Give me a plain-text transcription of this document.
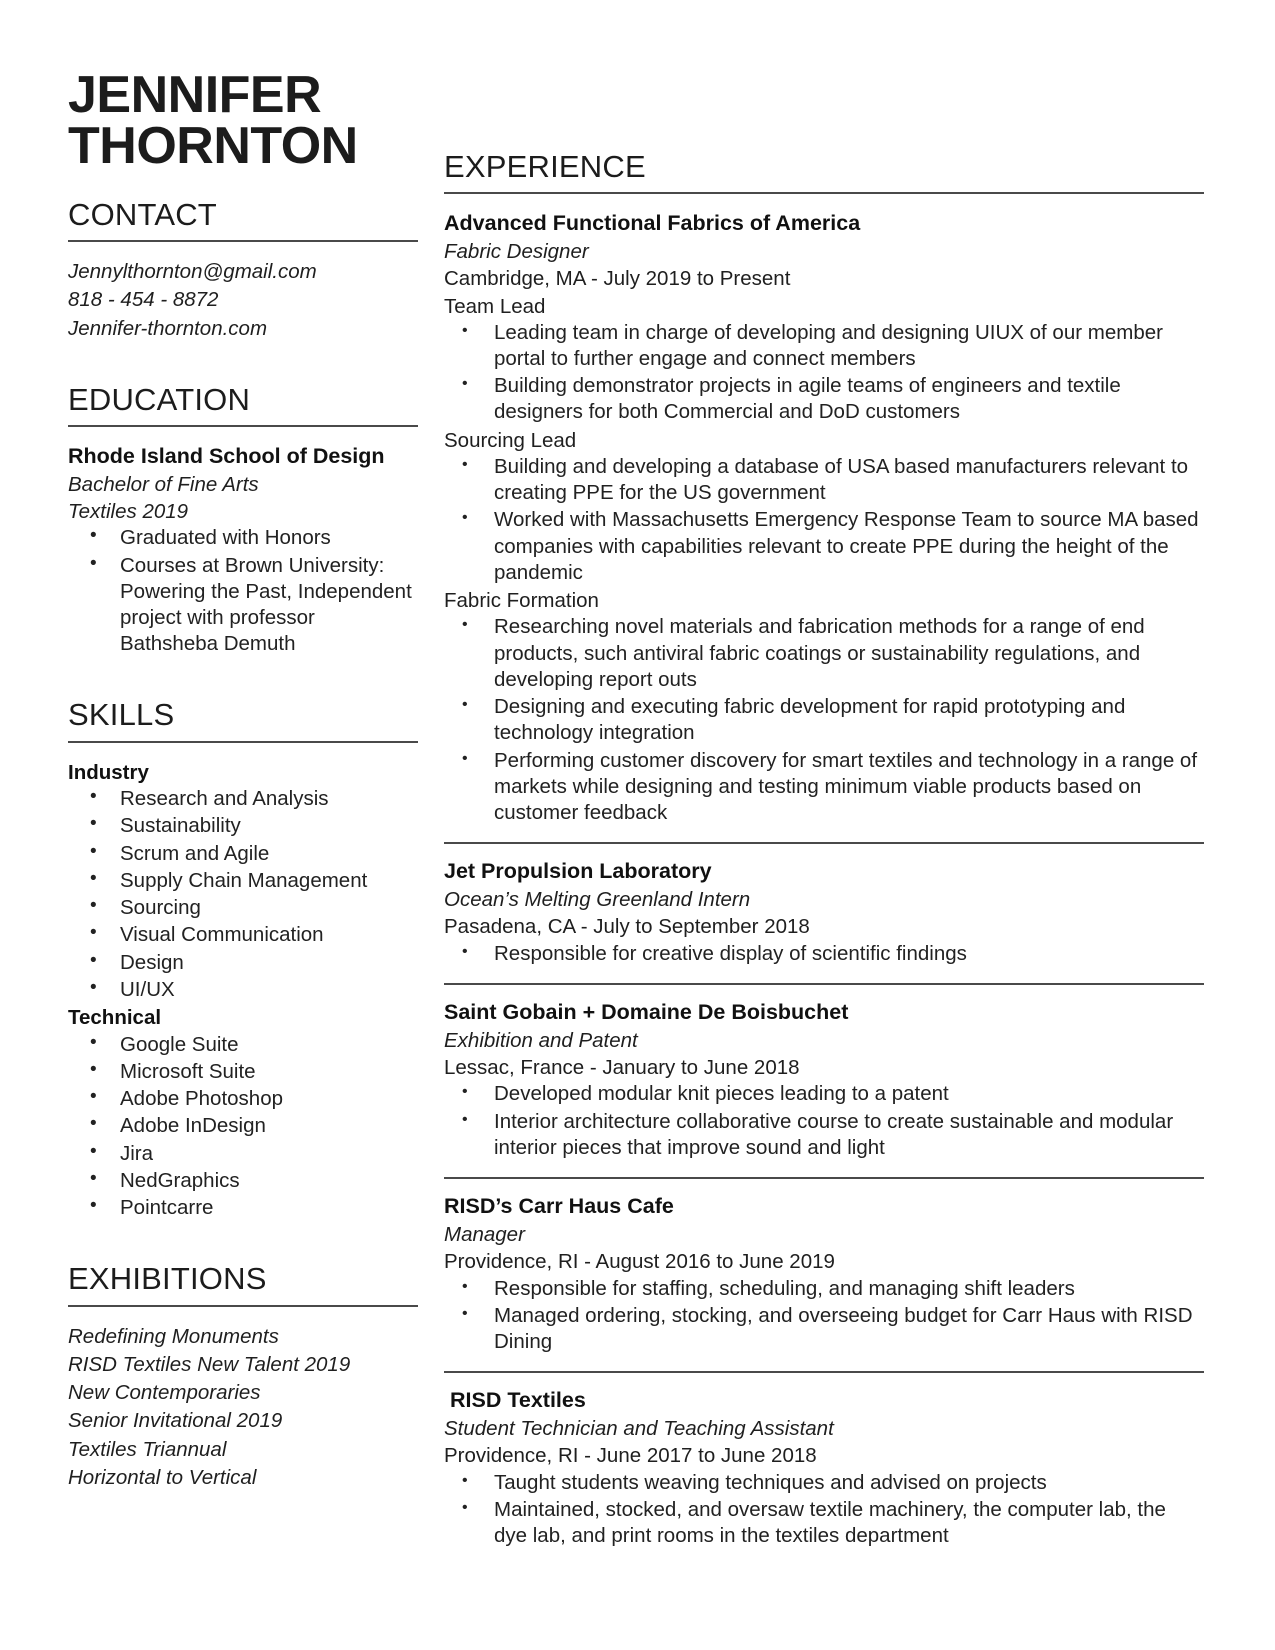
JENNIFER
THORNTON
CONTACT
Jennylthornton@gmail.com
818 - 454 - 8872
Jennifer-thornton.com
EDUCATION
Rhode Island School of Design
Bachelor of Fine Arts
Textiles 2019
• Graduated with Honors
• Courses at Brown University: Powering the Past, Independent project with professor Bathsheba Demuth
SKILLS
Industry
• Research and Analysis
• Sustainability
• Scrum and Agile
• Supply Chain Management
• Sourcing
• Visual Communication
• Design
• UI/UX
Technical
• Google Suite
• Microsoft Suite
• Adobe Photoshop
• Adobe InDesign
• Jira
• NedGraphics
• Pointcarre
EXHIBITIONS
Redefining Monuments
RISD Textiles New Talent 2019
New Contemporaries
Senior Invitational 2019
Textiles Triannual
Horizontal to Vertical
EXPERIENCE
Advanced Functional Fabrics of America
Fabric Designer
Cambridge, MA - July 2019 to Present
Team Lead
• Leading team in charge of developing and designing UIUX of our member portal to further engage and connect members
• Building demonstrator projects in agile teams of engineers and textile designers for both Commercial and DoD customers
Sourcing Lead
• Building and developing a database of USA based manufacturers relevant to creating PPE for the US government
• Worked with Massachusetts Emergency Response Team to source MA based companies with capabilities relevant to create PPE during the height of the pandemic
Fabric Formation
• Researching novel materials and fabrication methods for a range of end products, such antiviral fabric coatings or sustainability regulations, and developing report outs
• Designing and executing fabric development for rapid prototyping and technology integration
• Performing customer discovery for smart textiles and technology in a range of markets while designing and testing minimum viable products based on customer feedback
Jet Propulsion Laboratory
Ocean’s Melting Greenland Intern
Pasadena, CA - July to September 2018
• Responsible for creative display of scientific findings
Saint Gobain + Domaine De Boisbuchet
Exhibition and Patent
Lessac, France - January to June 2018
• Developed modular knit pieces leading to a patent
• Interior architecture collaborative course to create sustainable and modular interior pieces that improve sound and light
RISD’s Carr Haus Cafe
Manager
Providence, RI - August 2016 to June 2019
• Responsible for staffing, scheduling, and managing shift leaders
• Managed ordering, stocking, and overseeing budget for Carr Haus with RISD Dining
RISD Textiles
Student Technician and Teaching Assistant
Providence, RI - June 2017 to June 2018
• Taught students weaving techniques and advised on projects
• Maintained, stocked, and oversaw textile machinery, the computer lab, the dye lab, and print rooms in the textiles department
